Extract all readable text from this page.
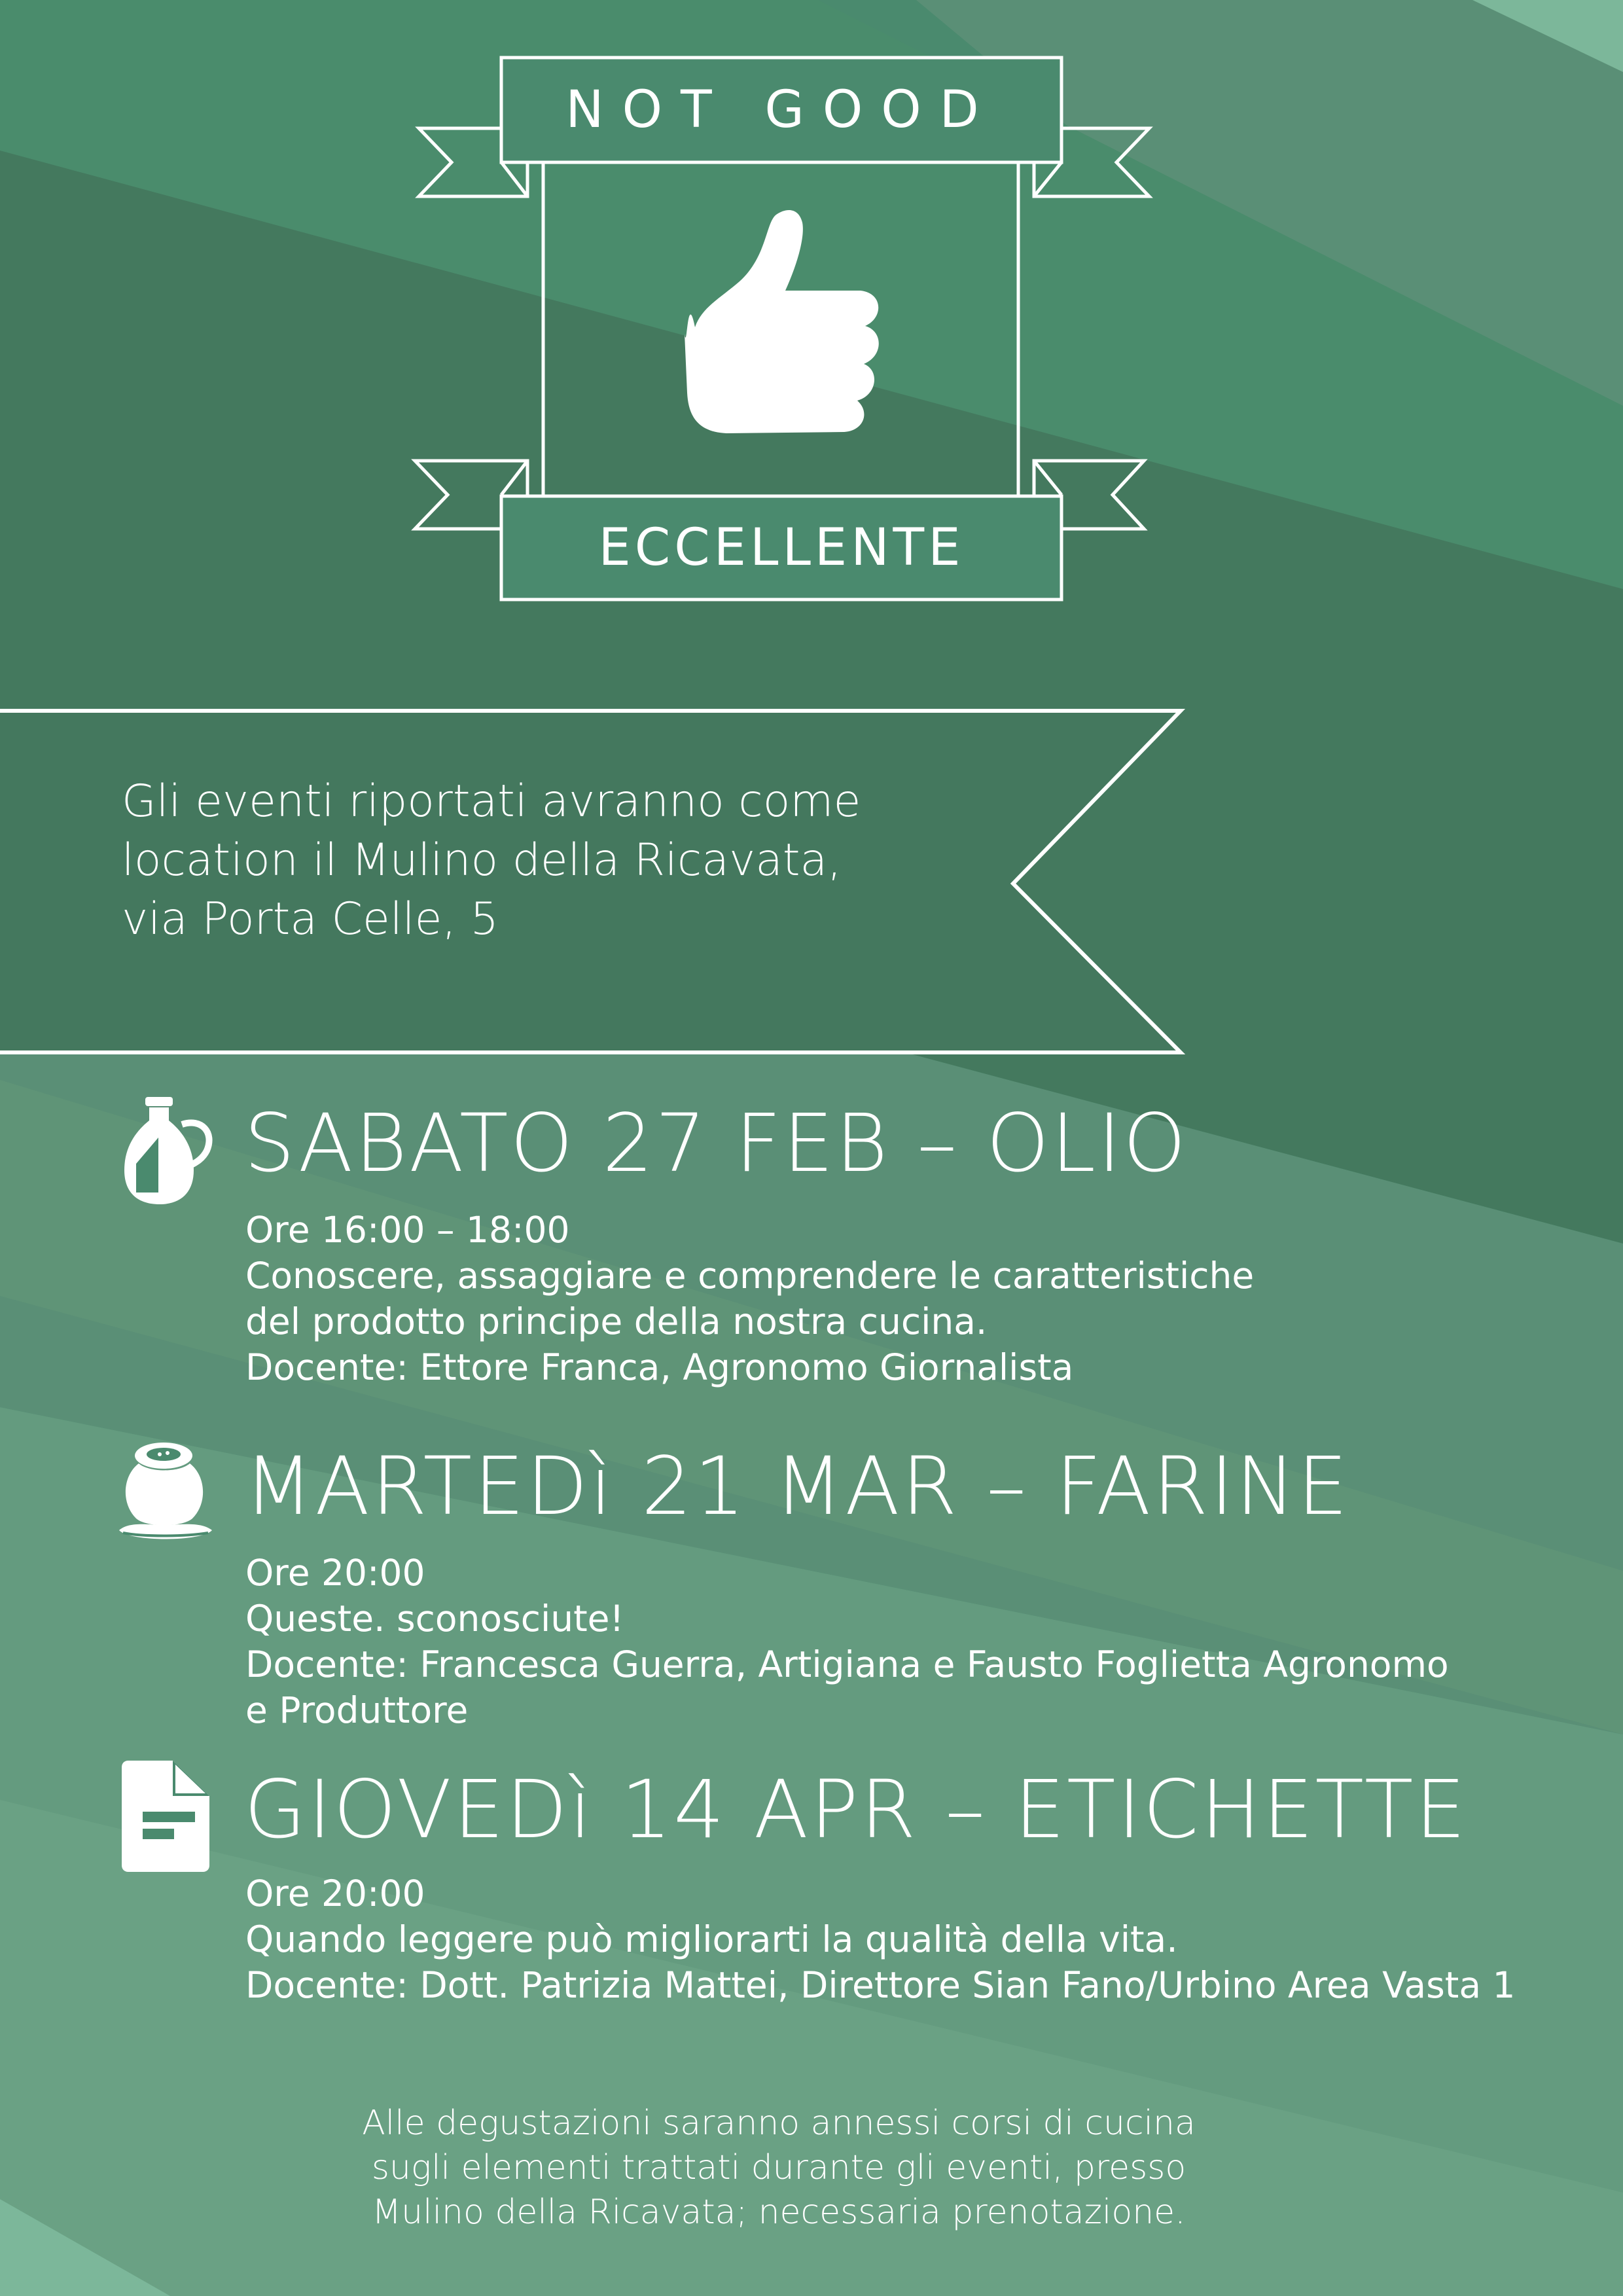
NOT GOOD
ECCELLENTE
Gli eventi riportati avranno come
location il Mulino della Ricavata,
via Porta Celle, 5
SABATO 27 FEB – OLIO
Ore 16:00 – 18:00
Conoscere, assaggiare e comprendere le caratteristiche
del prodotto principe della nostra cucina.
Docente: Ettore Franca, Agronomo Giornalista
MARTEDì 21 MAR – FARINE
Ore 20:00
Queste. sconosciute!
Docente: Francesca Guerra, Artigiana e Fausto Foglietta Agronomo
e Produttore
GIOVEDì 14 APR – ETICHETTE
Ore 20:00
Quando leggere può migliorarti la qualità della vita.
Docente: Dott. Patrizia Mattei, Direttore Sian Fano/Urbino Area Vasta 1
Alle degustazioni saranno annessi corsi di cucina
sugli elementi trattati durante gli eventi, presso
Mulino della Ricavata; necessaria prenotazione.
